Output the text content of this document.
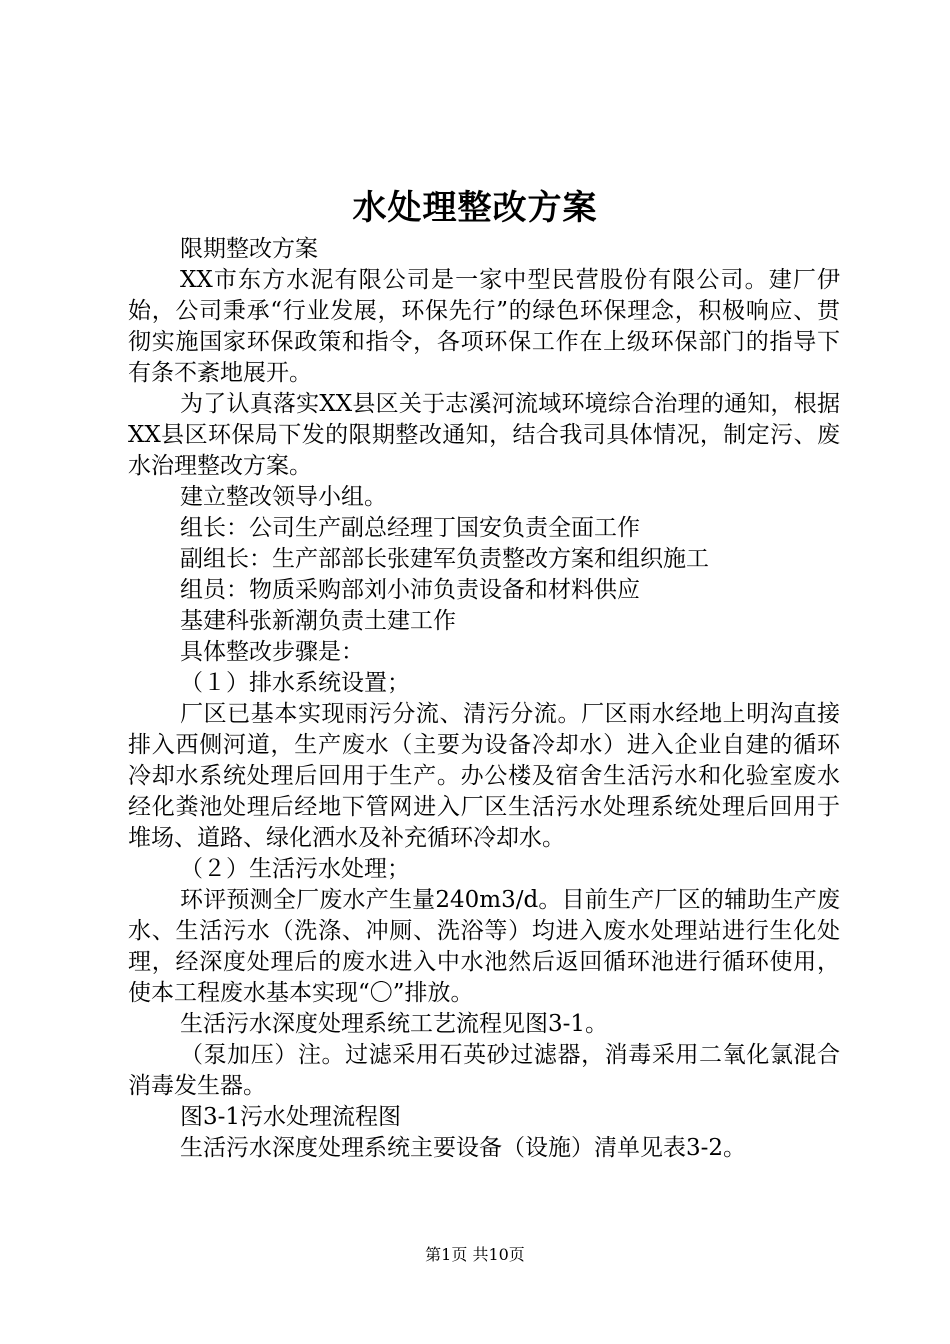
水处理整改方案

限期整改方案

XX市东方水泥有限公司是一家中型民营股份有限公司。建厂伊始，公司秉承“行业发展，环保先行”的绿色环保理念，积极响应、贯彻实施国家环保政策和指令，各项环保工作在上级环保部门的指导下有条不紊地展开。

为了认真落实XX县区关于志溪河流域环境综合治理的通知，根据XX县区环保局下发的限期整改通知，结合我司具体情况，制定污、废水治理整改方案。

建立整改领导小组。

组长：公司生产副总经理丁国安负责全面工作

副组长：生产部部长张建军负责整改方案和组织施工

组员：物质采购部刘小沛负责设备和材料供应

基建科张新潮负责土建工作

具体整改步骤是：

（１）排水系统设置；

厂区已基本实现雨污分流、清污分流。厂区雨水经地上明沟直接排入西侧河道，生产废水（主要为设备冷却水）进入企业自建的循环冷却水系统处理后回用于生产。办公楼及宿舍生活污水和化验室废水经化粪池处理后经地下管网进入厂区生活污水处理系统处理后回用于堆场、道路、绿化洒水及补充循环冷却水。

（２）生活污水处理；

环评预测全厂废水产生量240m3/d。目前生产厂区的辅助生产废水、生活污水（洗涤、冲厕、洗浴等）均进入废水处理站进行生化处理，经深度处理后的废水进入中水池然后返回循环池进行循环使用，使本工程废水基本实现“〇”排放。

生活污水深度处理系统工艺流程见图3-1。

（泵加压）注。过滤采用石英砂过滤器，消毒采用二氧化氯混合消毒发生器。

图3-1污水处理流程图

生活污水深度处理系统主要设备（设施）清单见表3-2。

第1页 共10页
